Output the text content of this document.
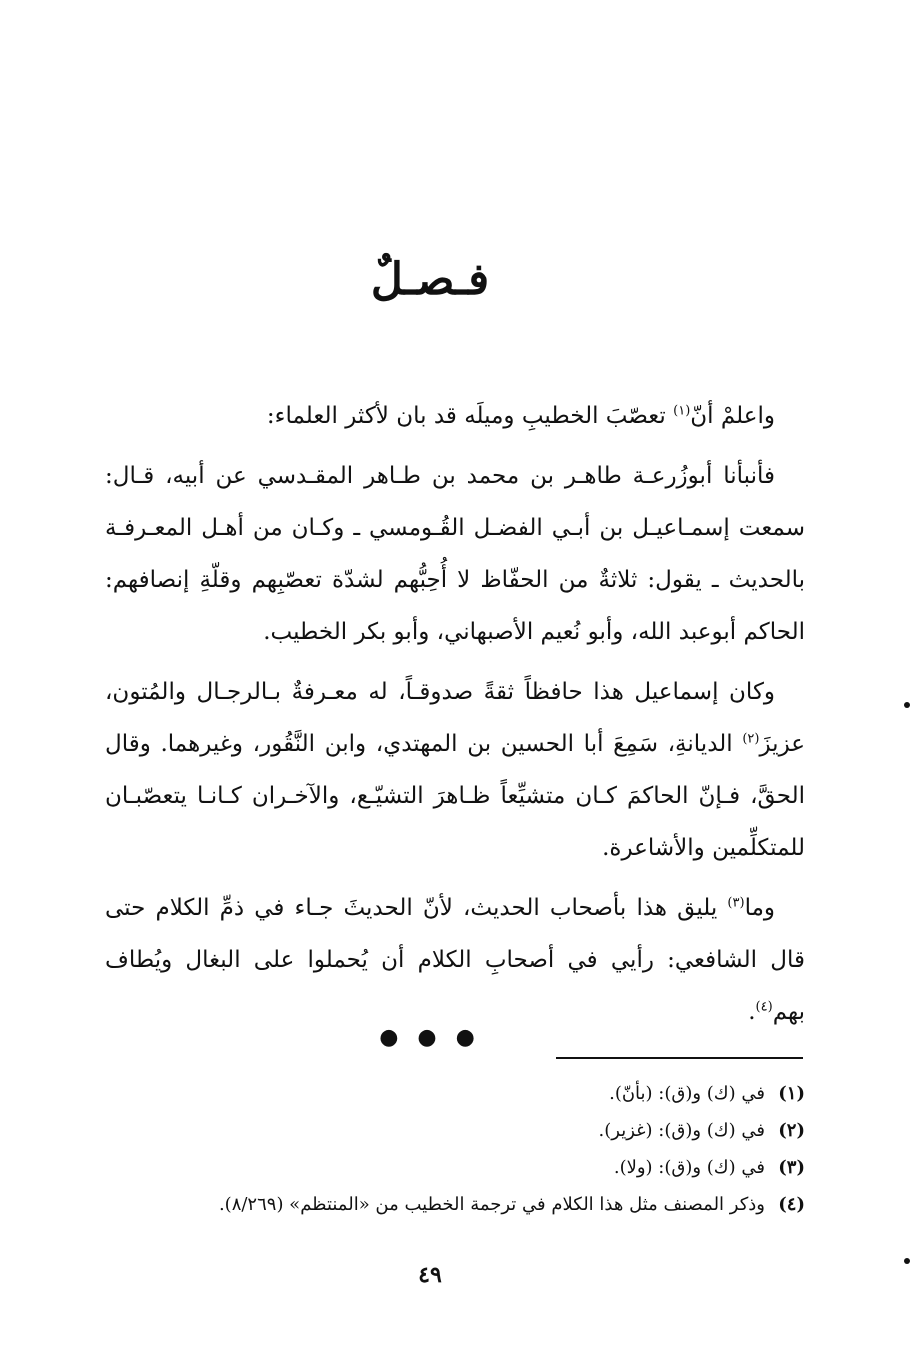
فـصـلٌ

واعلمْ أنّ$^{(١)}$ تعصّبَ الخطيبِ وميلَه قد بان لأكثر العلماء:

فأنبأنا أبوزُرعـة طاهـر بن محمد بن طـاهر المقـدسي عن أبيه، قـال: سمعت إسمـاعيـل بن أبـي الفضـل القُـومسي ـ وكـان من أهـل المعـرفـة بالحديث ـ يقول: ثلاثةٌ من الحفّاظ لا أُحِبُّهم لشدّة تعصّبِهم وقلّةِ إنصافهم: الحاكم أبوعبد الله، وأبو نُعيم الأصبهاني، وأبو بكر الخطيب.

وكان إسماعيل هذا حافظاً ثقةً صدوقـاً، له معـرفةٌ بـالرجـال والمُتون، عزيزَ$^{(٢)}$ الديانةِ، سَمِعَ أبا الحسين بن المهتدي، وابن النَّقُور، وغيرهما. وقال الحقَّ، فـإنّ الحاكمَ كـان متشيِّعاً ظـاهرَ التشيّـع، والآخـران كـانـا يتعصّبـان للمتكلِّمين والأشاعرة.

وما$^{(٣)}$ يليق هذا بأصحاب الحديث، لأنّ الحديثَ جـاء في ذمِّ الكلام حتى قال الشافعي: رأيي في أصحابِ الكلام أن يُحملوا على البغال ويُطاف بهم$^{(٤)}$.

● ● ●
(١)في (ك) و(ق): (بأنّ).
(٢)في (ك) و(ق): (غزير).
(٣)في (ك) و(ق): (ولا).
(٤)وذكر المصنف مثل هذا الكلام في ترجمة الخطيب من «المنتظم» (٨/٢٦٩).
٤٩
